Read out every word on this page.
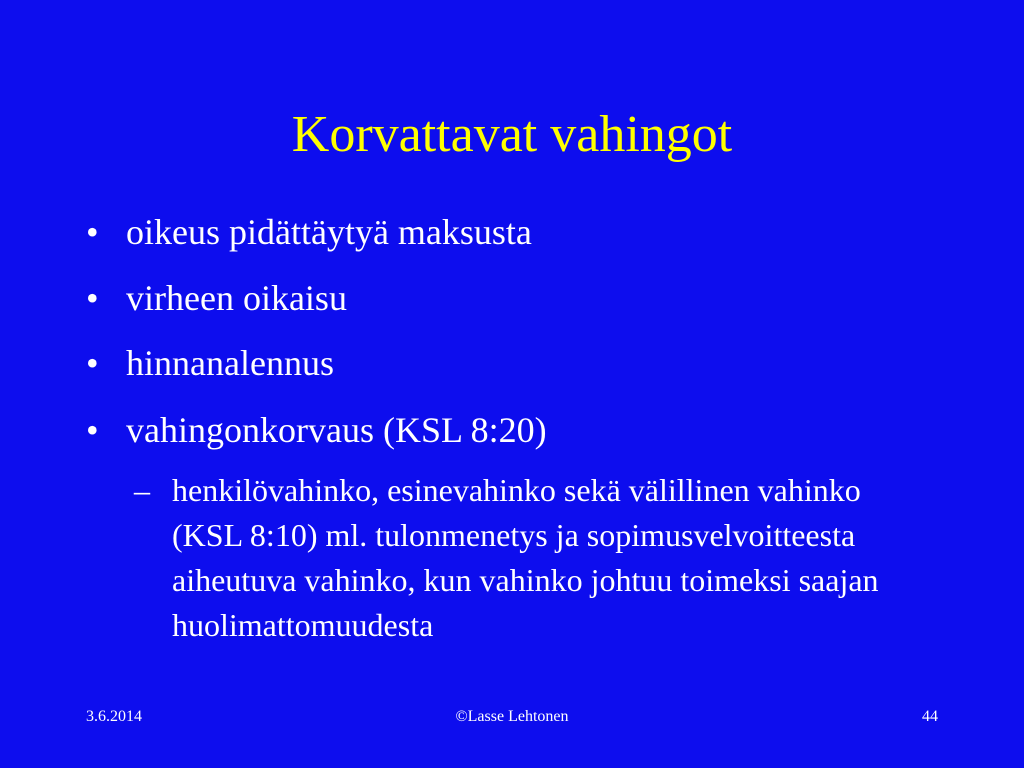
Korvattavat vahingot
• oikeus pidättäytyä maksusta
• virheen oikaisu
• hinnanalennus
• vahingonkorvaus (KSL 8:20)
– henkilövahinko, esinevahinko sekä välillinen vahinko (KSL 8:10) ml. tulonmenetys ja sopimusvelvoitteesta aiheutuva vahinko, kun vahinko johtuu toimeksi saajan huolimattomuudesta
3.6.2014	©Lasse Lehtonen	44
